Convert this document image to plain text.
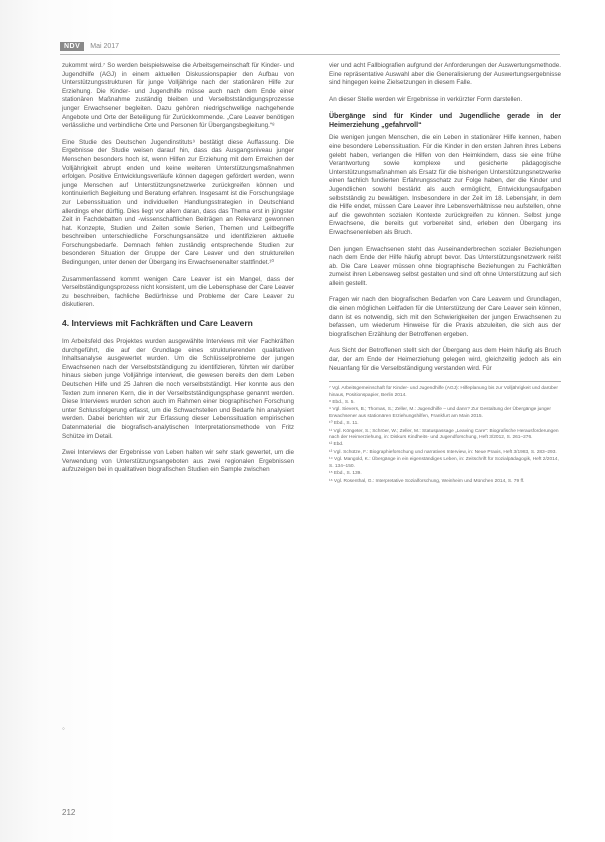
NDV	Mai 2017

zukommt wird.⁷ So werden beispielsweise die Arbeitsgemeinschaft für Kinder- und Jugendhilfe (AGJ) in einem aktuellen Diskussionspapier den Aufbau von Unterstützungsstrukturen für junge Volljährige nach der stationären Hilfe zur Erziehung. Die Kinder- und Jugendhilfe müsse auch nach dem Ende einer stationären Maßnahme zuständig bleiben und Verselbstständigungsprozesse junger Erwachsener begleiten. Dazu gehören niedrigschwellige nachgehende Angebote und Orte der Beteiligung für Zurückkommende. „Care Leaver benötigen verlässliche und verbindliche Orte und Personen für Übergangsbegleitung.“⁸

Eine Studie des Deutschen Jugendinstituts⁹ bestätigt diese Auffassung. Die Ergebnisse der Studie weisen darauf hin, dass das Ausgangsniveau junger Menschen besonders hoch ist, wenn Hilfen zur Erziehung mit dem Erreichen der Volljährigkeit abrupt enden und keine weiteren Unterstützungsmaßnahmen erfolgen. Positive Entwicklungsverläufe können dagegen gefördert werden, wenn junge Menschen auf Unterstützungsnetzwerke zurückgreifen können und kontinuierlich Begleitung und Beratung erfahren. Insgesamt ist die Forschungslage zur Lebenssituation und individuellen Handlungsstrategien in Deutschland allerdings eher dürftig. Dies liegt vor allem daran, dass das Thema erst in jüngster Zeit in Fachdebatten und -wissenschaftlichen Beiträgen an Relevanz gewonnen hat. Konzepte, Studien und Zeiten sowie Serien, Themen und Leitbegriffe beschreiben unterschiedliche Forschungsansätze und identifizieren aktuelle Forschungsbedarfe. Demnach fehlen zuständig entsprechende Studien zur besonderen Situation der Gruppe der Care Leaver und den strukturellen Bedingungen, unter denen der Übergang ins Erwachsenenalter stattfindet.¹⁰

Zusammenfassend kommt wenigen Care Leaver ist ein Mangel, dass der Verselbständigungsprozess nicht konsistent, um die Lebensphase der Care Leaver zu beschreiben, fachliche Bedürfnisse und Probleme der Care Leaver zu diskutieren.

4. Interviews mit Fachkräften und Care Leavern

Im Arbeitsfeld des Projektes wurden ausgewählte Interviews mit vier Fachkräften durchgeführt, die auf der Grundlage eines strukturierenden qualitativen Inhaltsanalyse ausgewertet wurden. Um die Schlüsselprobleme der jungen Erwachsenen nach der Verselbstständigung zu identifizieren, führten wir darüber hinaus sieben junge Volljährige interviewt, die gewesen bereits den dem Leben Deutschen Hilfe und 25 Jahren die noch verselbstständigt. Hier konnte aus den Texten zum inneren Kern, die in der Verselbstständigungsphase genannt werden. Diese Interviews wurden schon auch im Rahmen einer biographischen Forschung unter Schlussfolgerung erfasst, um die Schwachstellen und Bedarfe hin analysiert werden. Dabei berichten wir zur Erfassung dieser Lebenssituation empirischen Datenmaterial die biografisch-analytischen Interpretationsmethode von Fritz Schütze im Detail.

Zwei Interviews der Ergebnisse von Leben halten wir sehr stark gewertet, um die Verwendung von Unterstützungsangeboten aus zwei regionalen Ergebnissen aufzuzeigen bei in qualitativen biografischen Studien ein Sample zwischen

vier und acht Fallbiografien aufgrund der Anforderungen der Auswertungsmethode. Eine repräsentative Auswahl aber die Generalisierung der Auswertungsergebnisse sind hingegen keine Zielsetzungen in diesem Falle.

An dieser Stelle werden wir Ergebnisse in verkürzter Form darstellen.

Übergänge sind für Kinder und Jugendliche gerade in der Heimerziehung „gefahrvoll“

Die wenigen jungen Menschen, die ein Leben in stationärer Hilfe kennen, haben eine besondere Lebenssituation. Für die Kinder in den ersten Jahren ihres Lebens gelebt haben, verlangen die Hilfen von den Heimkindern, dass sie eine frühe Verantwortung sowie komplexe und gesicherte pädagogische Unterstützungsmaßnahmen als Ersatz für die bisherigen Unterstützungsnetzwerke einen fachlich fundierten Erfahrungsschatz zur Folge haben, der die Kinder und Jugendlichen sowohl bestärkt als auch ermöglicht, Entwicklungsaufgaben selbstständig zu bewältigen. Insbesondere in der Zeit im 18. Lebensjahr, in dem die Hilfe endet, müssen Care Leaver ihre Lebensverhältnisse neu aufstellen, ohne auf die gewohnten sozialen Kontexte zurückgreifen zu können. Selbst junge Erwachsene, die bereits gut vorbereitet sind, erleben den Übergang ins Erwachsenenleben als Bruch.

Den jungen Erwachsenen steht das Auseinanderbrechen sozialer Beziehungen nach dem Ende der Hilfe häufig abrupt bevor. Das Unterstützungsnetzwerk reißt ab. Die Care Leaver müssen ohne biographische Beziehungen zu Fachkräften zumeist ihren Lebensweg selbst gestalten und sind oft ohne Unterstützung auf sich allein gestellt.

Fragen wir nach den biografischen Bedarfen von Care Leavern und Grundlagen, die einen möglichen Leitfaden für die Unterstützung der Care Leaver sein können, dann ist es notwendig, sich mit den Schwierigkeiten der jungen Erwachsenen zu befassen, um wiederum Hinweise für die Praxis abzuleiten, die sich aus der biografischen Erzählung der Betroffenen ergeben.

Aus Sicht der Betroffenen stellt sich der Übergang aus dem Heim häufig als Bruch dar, der am Ende der Heimerziehung gelegen wird, gleichzeitig jedoch als ein Neuanfang für die Verselbständigung verstanden wird. Für

⁷ Vgl. Arbeitsgemeinschaft für Kinder- und Jugendhilfe (AGJ): Hilfeplanung bis zur Volljährigkeit und darüber hinaus, Positionspapier, Berlin 2014.
⁸ Ebd., S. 5.
⁹ Vgl. Sievers, B.; Thomas, S.; Zeller, M.: Jugendhilfe – und dann? Zur Gestaltung der Übergänge junger Erwachsener aus stationären Erziehungshilfen, Frankfurt am Main 2015.
¹⁰ Ebd., S. 11.
¹¹ Vgl. Köngeter, S.; Schröer, W.; Zeller, M.: Statuspassage „Leaving Care“: Biografische Herausforderungen nach der Heimerziehung, in: Diskurs Kindheits- und Jugendforschung, Heft 3/2012, S. 261–276.
¹² Ebd.
¹³ Vgl. Schütze, F.: Biographieforschung und narratives Interview, in: Neue Praxis, Heft 3/1983, S. 283–293.
¹⁴ Vgl. Mangold, K.: Übergänge in ein eigenständiges Leben, in: Zeitschrift für Sozialpädagogik, Heft 2/2014, S. 134–150.
¹⁵ Ebd., S. 139.
¹⁶ Vgl. Rosenthal, G.: Interpretative Sozialforschung, Weinheim und München 2014, S. 79 ff.
◦
212
